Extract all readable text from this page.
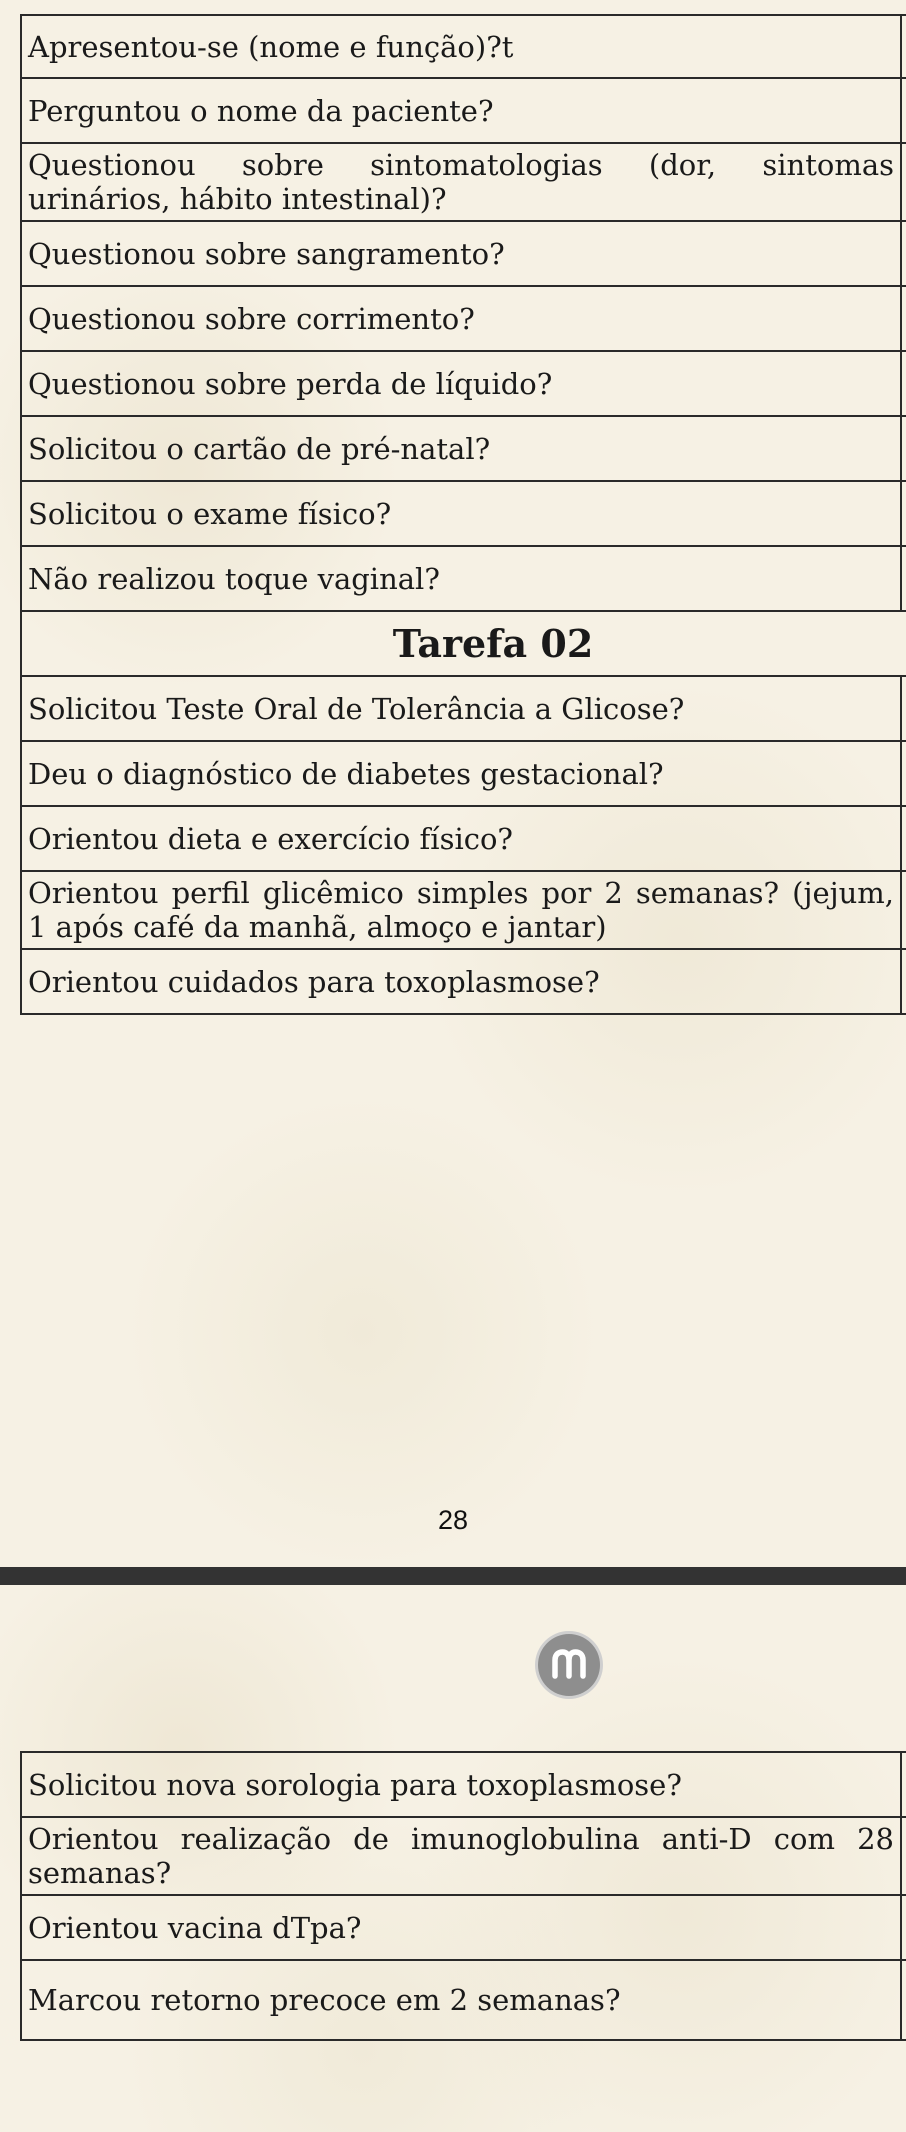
Apresentou-se (nome e função)?t	
Perguntou o nome da paciente?	
Questionou sobre sintomatologias (dor, sintomas urinários, hábito intestinal)?	
Questionou sobre sangramento?	
Questionou sobre corrimento?	
Questionou sobre perda de líquido?	
Solicitou o cartão de pré-natal?	
Solicitou o exame físico?	
Não realizou toque vaginal?	
Tarefa 02	
Solicitou Teste Oral de Tolerância a Glicose?	
Deu o diagnóstico de diabetes gestacional?	
Orientou dieta e exercício físico?	
Orientou perfil glicêmico simples por 2 semanas? (jejum, 1 após café da manhã, almoço e jantar)	
Orientou cuidados para toxoplasmose?	
28
Solicitou nova sorologia para toxoplasmose?	
Orientou realização de imunoglobulina anti-D com 28 semanas?	
Orientou vacina dTpa?	
Marcou retorno precoce em 2 semanas?	
